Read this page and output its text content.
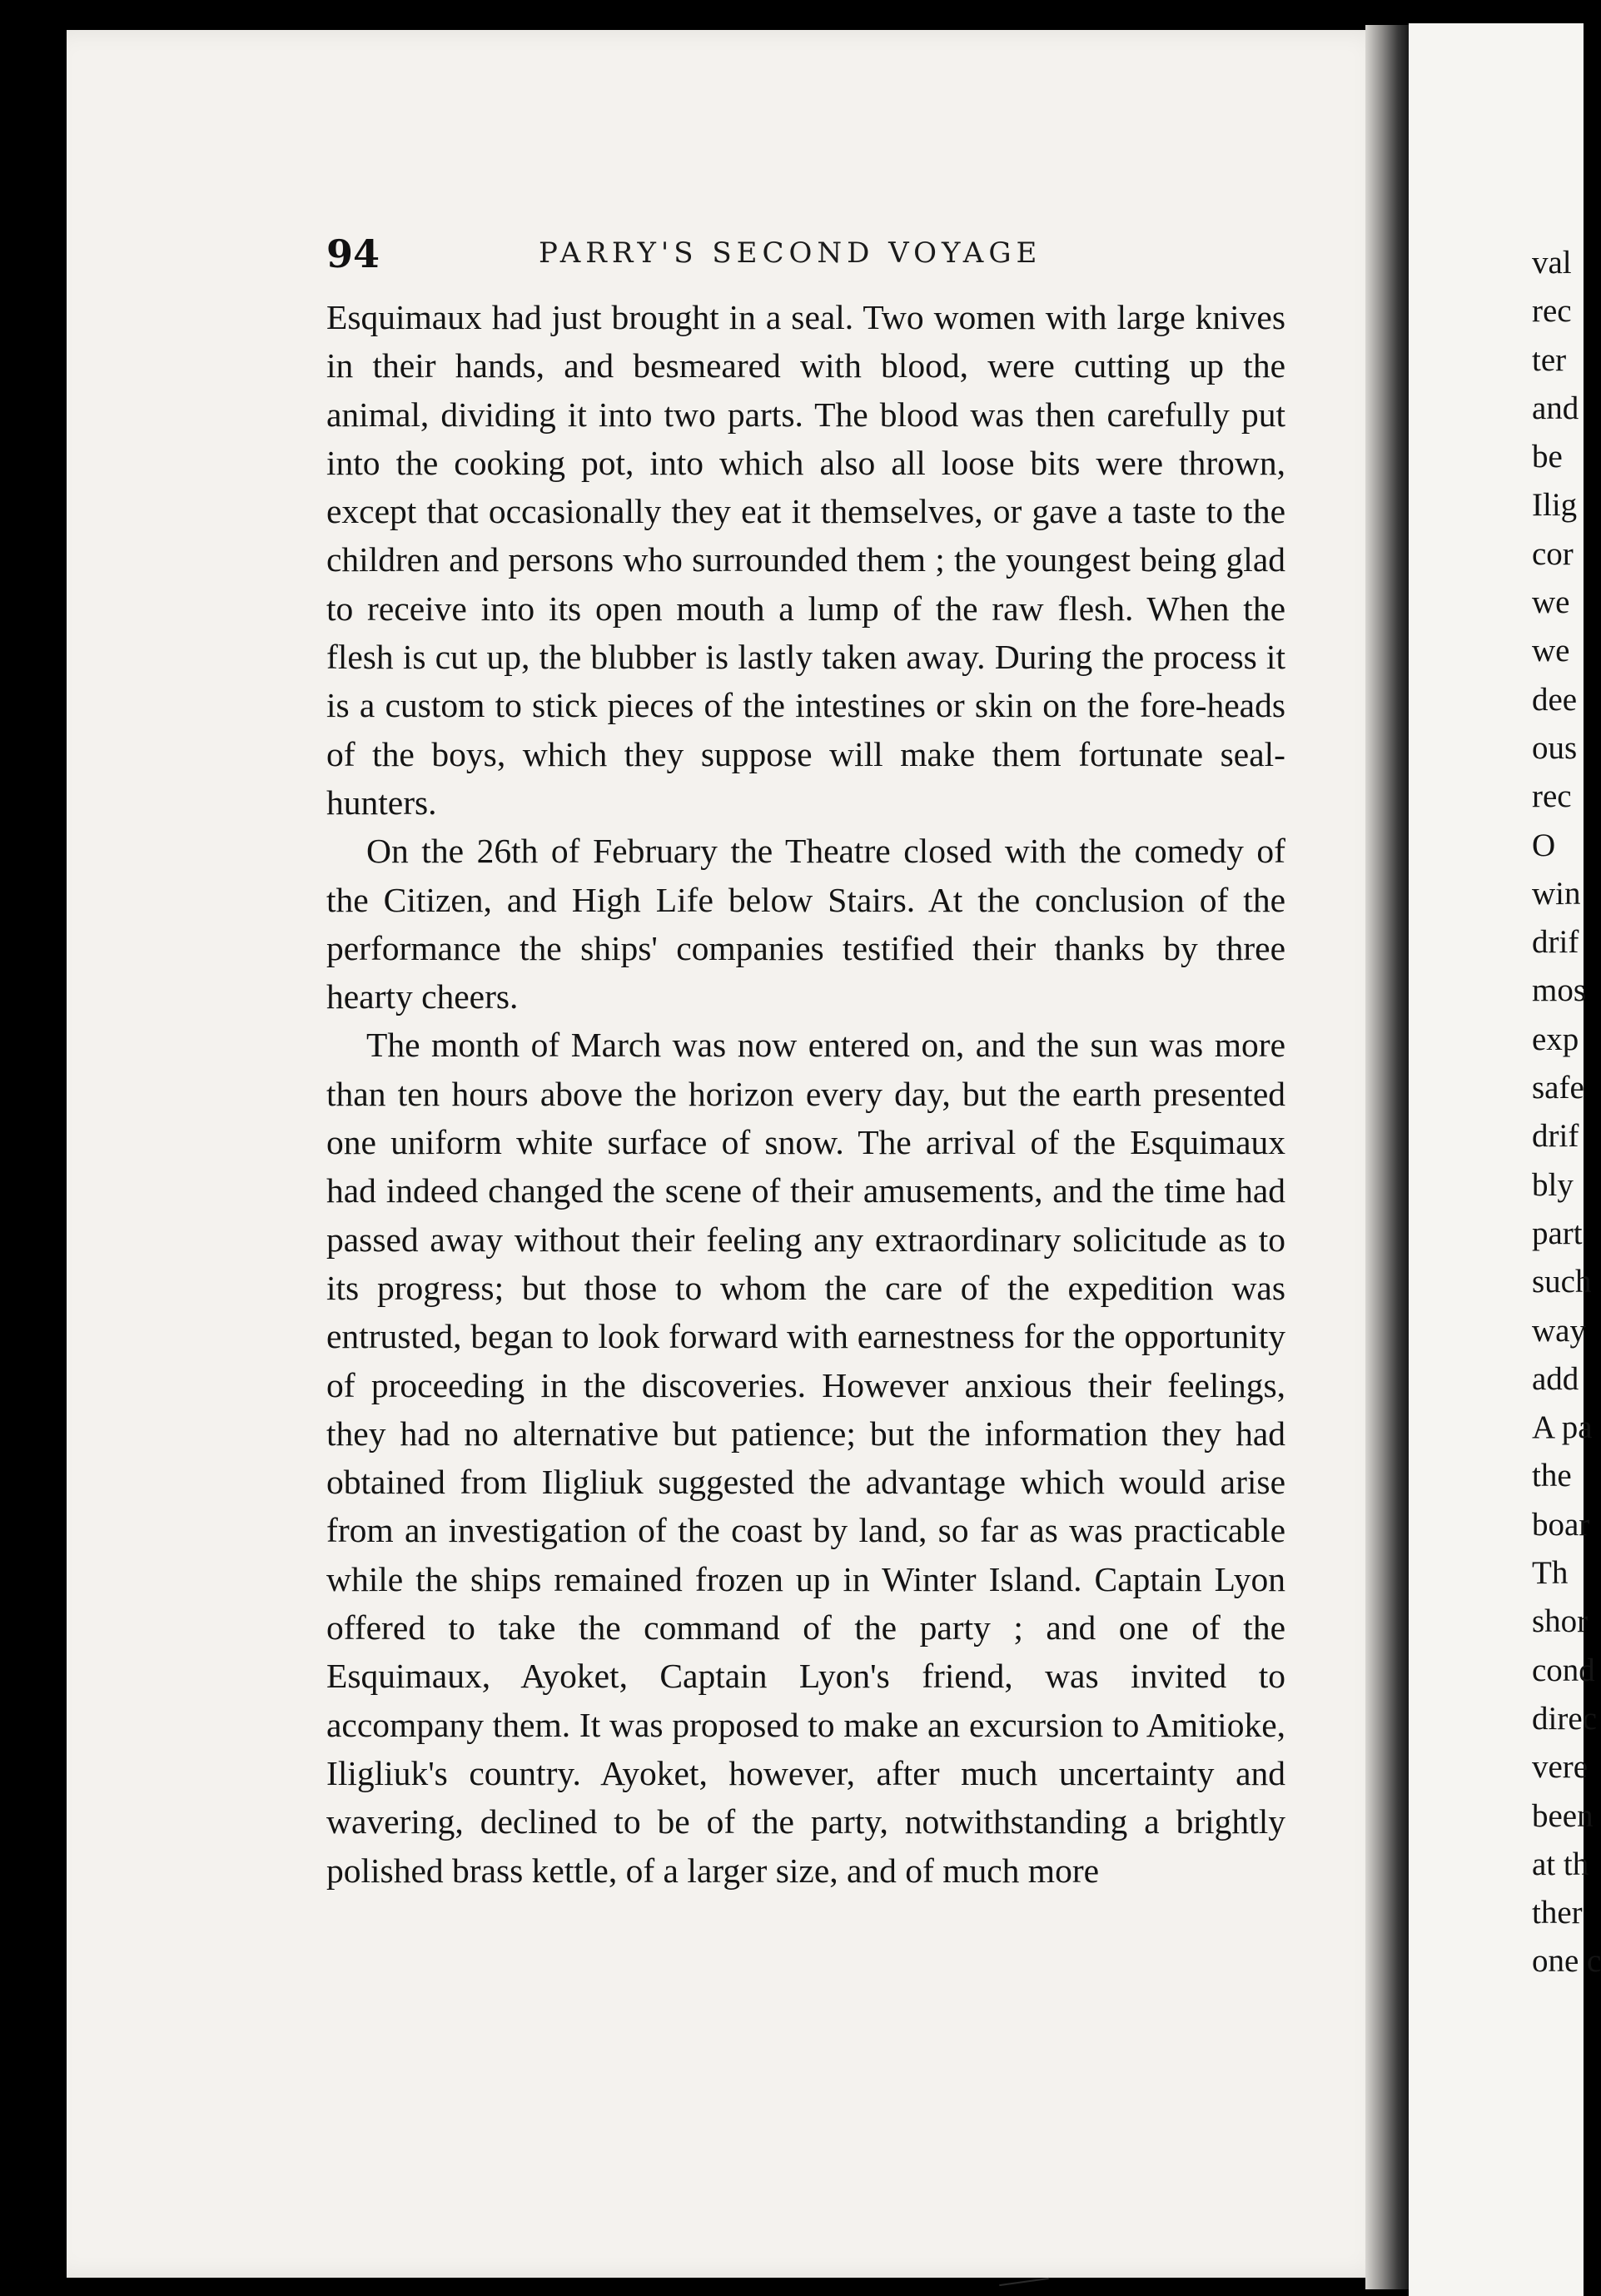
94	PARRY'S SECOND VOYAGE

Esquimaux had just brought in a seal. Two women with large knives in their hands, and besmeared with blood, were cutting up the animal, dividing it into two parts. The blood was then carefully put into the cooking pot, into which also all loose bits were thrown, except that occasionally they eat it themselves, or gave a taste to the children and persons who surrounded them ; the youngest being glad to receive into its open mouth a lump of the raw flesh. When the flesh is cut up, the blubber is lastly taken away. During the process it is a custom to stick pieces of the intestines or skin on the fore-heads of the boys, which they suppose will make them fortunate seal-hunters.

On the 26th of February the Theatre closed with the comedy of the Citizen, and High Life below Stairs. At the conclusion of the performance the ships' companies testified their thanks by three hearty cheers.

The month of March was now entered on, and the sun was more than ten hours above the horizon every day, but the earth presented one uniform white surface of snow. The arrival of the Esquimaux had indeed changed the scene of their amusements, and the time had passed away without their feeling any extraordinary solicitude as to its progress; but those to whom the care of the expedition was entrusted, began to look forward with earnestness for the opportunity of proceeding in the discoveries. However anxious their feelings, they had no alternative but patience; but the information they had obtained from Iligliuk suggested the advantage which would arise from an investigation of the coast by land, so far as was practicable while the ships remained frozen up in Winter Island. Captain Lyon offered to take the command of the party ; and one of the Esquimaux, Ayoket, Captain Lyon's friend, was invited to accompany them. It was proposed to make an excursion to Amitioke, Iligliuk's country. Ayoket, however, after much uncertainty and wavering, declined to be of the party, notwithstanding a brightly polished brass kettle, of a larger size, and of much more

val
rec
ter
and
be
Ilig
cor
we
we
dee
ous
rec
O
win
drif
mos
exp
safe
drif
bly
part
such
way
add
A pa
the
boar
Th
shor
cond
direc
vere
been
at th
ther
one c
